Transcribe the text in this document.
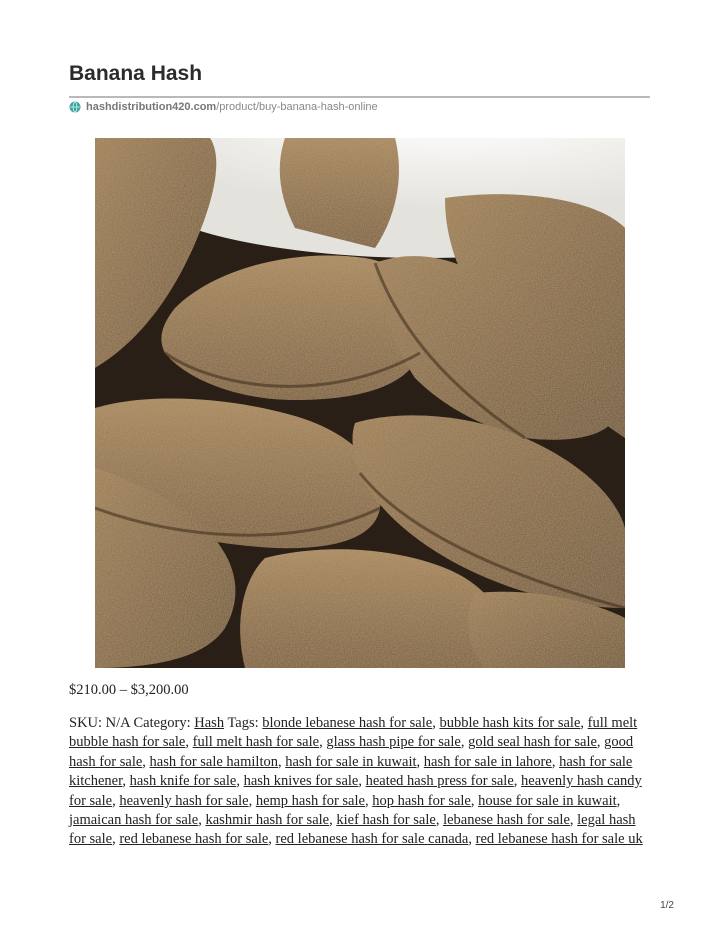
Banana Hash
hashdistribution420.com/product/buy-banana-hash-online
$210.00 – $3,200.00
SKU: N/A Category: Hash Tags: blonde lebanese hash for sale, bubble hash kits for sale, full melt bubble hash for sale, full melt hash for sale, glass hash pipe for sale, gold seal hash for sale, good hash for sale, hash for sale hamilton, hash for sale in kuwait, hash for sale in lahore, hash for sale kitchener, hash knife for sale, hash knives for sale, heated hash press for sale, heavenly hash candy for sale, heavenly hash for sale, hemp hash for sale, hop hash for sale, house for sale in kuwait, jamaican hash for sale, kashmir hash for sale, kief hash for sale, lebanese hash for sale, legal hash for sale, red lebanese hash for sale, red lebanese hash for sale canada, red lebanese hash for sale uk
1/2
